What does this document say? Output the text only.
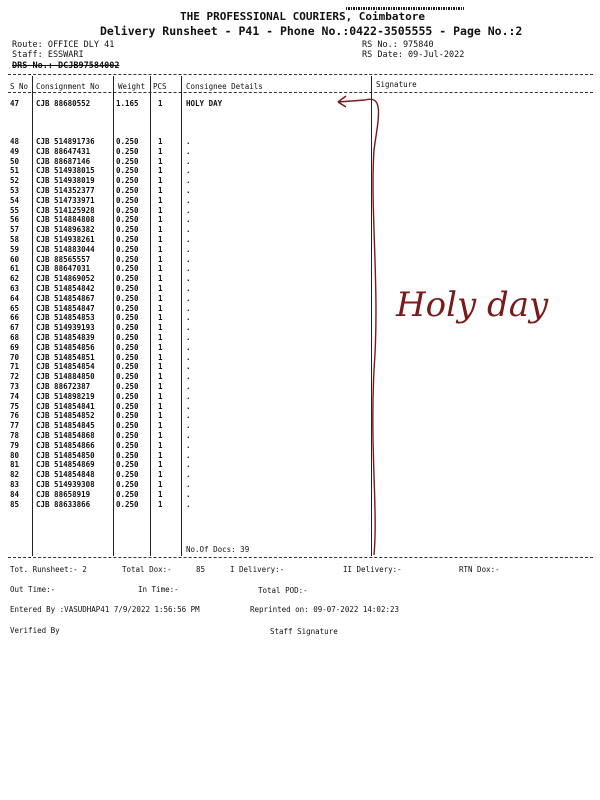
THE PROFESSIONAL COURIERS, Coimbatore
Delivery Runsheet - P41 - Phone No.:0422-3505555 - Page No.:2
Route: OFFICE DLY 41
Staff: ESSWARI
DRS No.: DCJB97584002
RS No.: 975840
RS Date: 09-Jul-2022
S No Consignment No	Weight PCS	Consignee Details	Signature
47 CJB 88680552	1.165	1	HOLY DAY
48 CJB 514891736	0.250	1	.
49 CJB 88647431	0.250	1	.
50 CJB 88687146	0.250	1	.
51 CJB 514938015	0.250	1	.
52 CJB 514938019	0.250	1	.
53 CJB 514352377	0.250	1	.
54 CJB 514733971	0.250	1	.
55 CJB 514125928	0.250	1	.
56 CJB 514884808	0.250	1	.
57 CJB 514896382	0.250	1	.
58 CJB 514938261	0.250	1	.
59 CJB 514883044	0.250	1	.
60 CJB 88565557	0.250	1	.
61 CJB 88647031	0.250	1	.
62 CJB 514869052	0.250	1	.
63 CJB 514854842	0.250	1	.
64 CJB 514854867	0.250	1	.
65 CJB 514854847	0.250	1	.
66 CJB 514854853	0.250	1	.
67 CJB 514939193	0.250	1	.
68 CJB 514854839	0.250	1	.
69 CJB 514854856	0.250	1	.
70 CJB 514854851	0.250	1	.
71 CJB 514854854	0.250	1	.
72 CJB 514884850	0.250	1	.
73 CJB 88672387	0.250	1	.
74 CJB 514898219	0.250	1	.
75 CJB 514854841	0.250	1	.
76 CJB 514854852	0.250	1	.
77 CJB 514854845	0.250	1	.
78 CJB 514854868	0.250	1	.
79 CJB 514854866	0.250	1	.
80 CJB 514854850	0.250	1	.
81 CJB 514854869	0.250	1	.
82 CJB 514854848	0.250	1	.
83 CJB 514939308	0.250	1	.
84 CJB 88658919	0.250	1	.
85 CJB 88633866	0.250	1	.
No.Of Docs: 39
Holy day
Tot. Runsheet:- 2	Total Dox:-	85	I Delivery:-	II Delivery:-	RTN Dox:-
Out Time:-	In Time:-	Total POD:-
Entered By :VASUDHAP41 7/9/2022 1:56:56 PM	Reprinted on: 09-07-2022 14:02:23
Verified By	Staff Signature
